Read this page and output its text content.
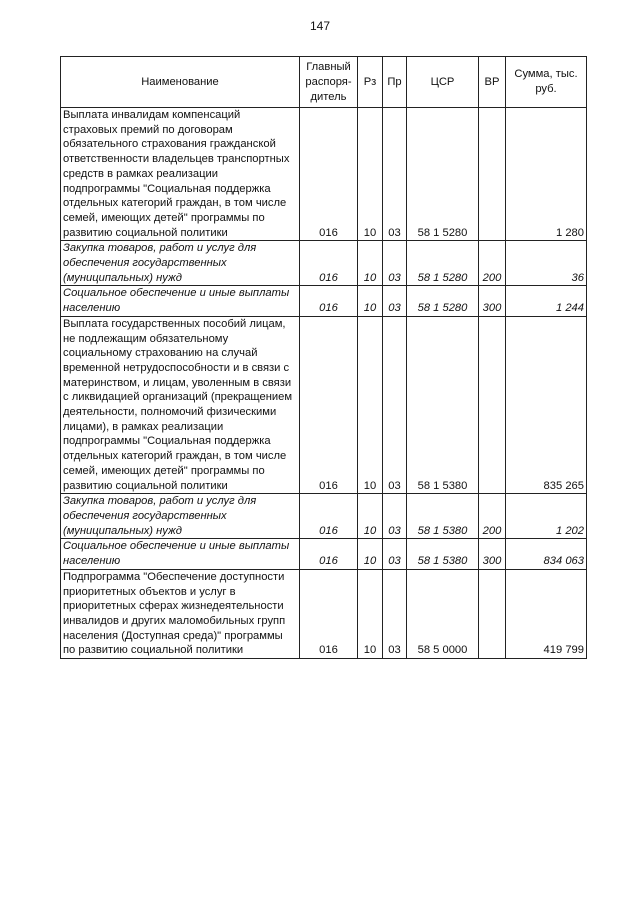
147
Наименование	Главный распоря-дитель	Рз	Пр	ЦСР	ВР	Сумма, тыс. руб.
Выплата инвалидам компенсаций страховых премий по договорам обязательного страхования гражданской ответственности владельцев транспортных средств в рамках реализации подпрограммы "Социальная поддержка отдельных категорий граждан, в том числе семей, имеющих детей" программы по развитию социальной политики	016	10	03	58 1 5280		1 280
Закупка товаров, работ и услуг для обеспечения государственных (муниципальных) нужд	016	10	03	58 1 5280	200	36
Социальное обеспечение и иные выплаты населению	016	10	03	58 1 5280	300	1 244
Выплата государственных пособий лицам, не подлежащим обязательному социальному страхованию на случай временной нетрудоспособности и в связи с материнством, и лицам, уволенным в связи с ликвидацией организаций (прекращением деятельности, полномочий физическими лицами), в рамках реализации подпрограммы "Социальная поддержка отдельных категорий граждан, в том числе семей, имеющих детей" программы по развитию социальной политики	016	10	03	58 1 5380		835 265
Закупка товаров, работ и услуг для обеспечения государственных (муниципальных) нужд	016	10	03	58 1 5380	200	1 202
Социальное обеспечение и иные выплаты населению	016	10	03	58 1 5380	300	834 063
Подпрограмма "Обеспечение доступности приоритетных объектов и услуг в приоритетных сферах жизнедеятельности инвалидов и других маломобильных групп населения (Доступная среда)" программы по развитию социальной политики	016	10	03	58 5 0000		419 799
